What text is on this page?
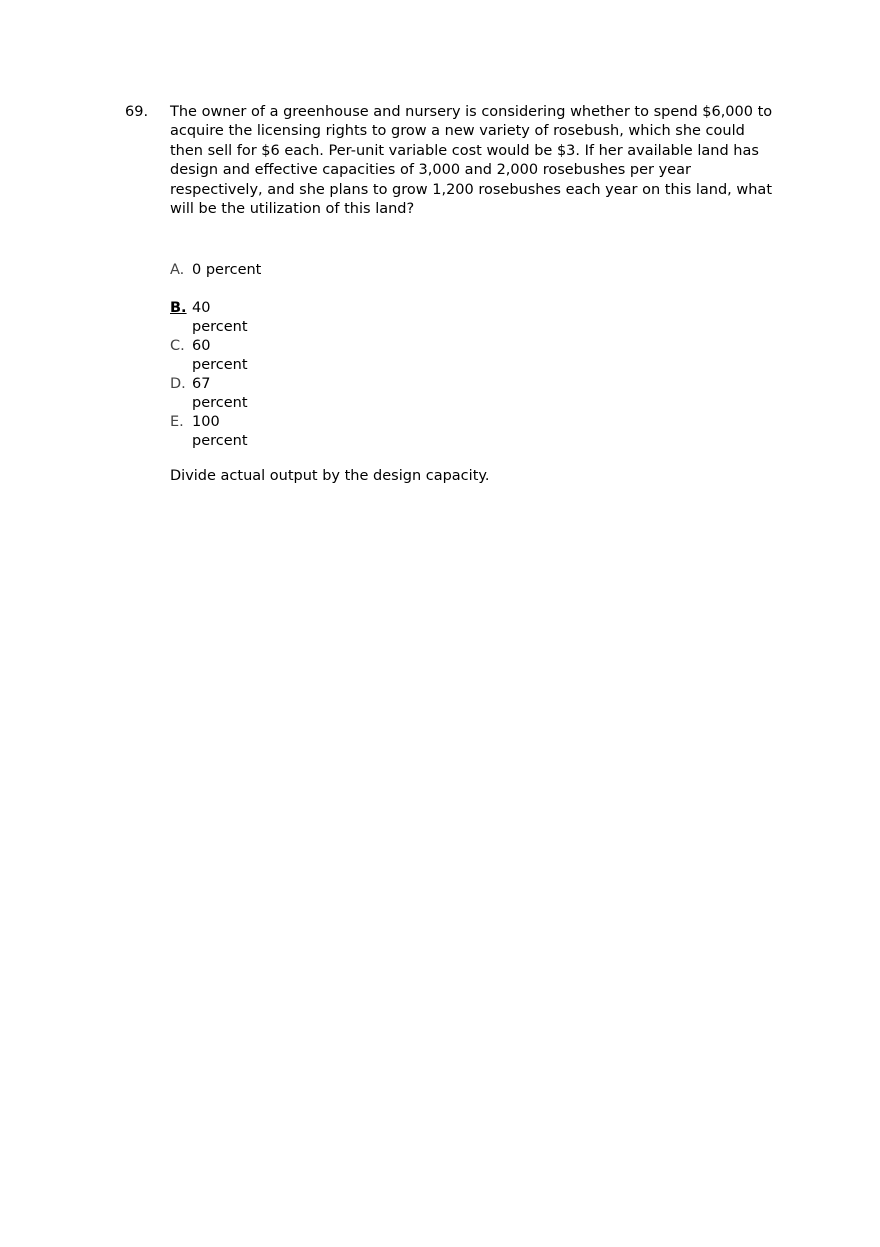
69. The owner of a greenhouse and nursery is considering whether to spend $6,000 to acquire the licensing rights to grow a new variety of rosebush, which she could then sell for $6 each. Per-unit variable cost would be $3. If her available land has design and effective capacities of 3,000 and 2,000 rosebushes per year respectively, and she plans to grow 1,200 rosebushes each year on this land, what will be the utilization of this land?

A. 0 percent
B. 40 percent
C. 60 percent
D. 67 percent
E. 100 percent

Divide actual output by the design capacity.
